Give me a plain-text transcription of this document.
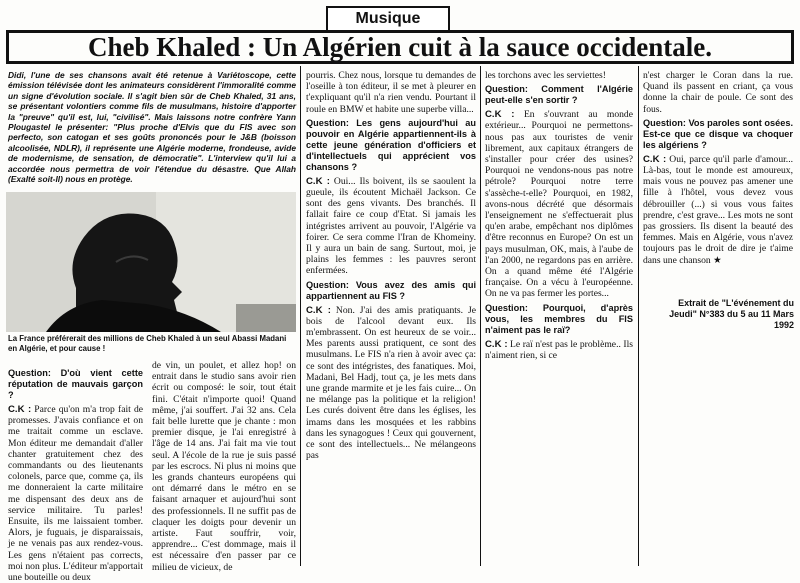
Musique
Cheb Khaled : Un Algérien cuit à la sauce occidentale.
Didi, l'une de ses chansons avait été retenue à Variétoscope, cette émission télévisée dont les animateurs considèrent l'immoralité comme un signe d'évolution sociale. Il s'agit bien sûr de Cheb Khaled, 31 ans, se présentant volontiers comme fils de musulmans, histoire d'apporter la "preuve" qu'il est, lui, "civilisé". Mais laissons notre confrère Yann Plougastel le présenter: "Plus proche d'Elvis que du FIS avec son perfecto, son catogan et ses goûts prononcés pour le J&B (boisson alcoolisée, NDLR), il représente une Algérie moderne, frondeuse, avide de modernisme, de sensation, de démocratie". L'interview qu'il lui a accordée nous permettra de voir l'étendue du désastre. Que Allah (Exalté soit-Il) nous en protège.
La France préférerait des millions de Cheb Khaled à un seul Abassi Madani en Algérie, et pour cause !

Question: D'où vient cette réputation de mauvais garçon ?

C.K : Parce qu'on m'a trop fait de promesses. J'avais confiance et on me traitait comme un esclave. Mon éditeur me demandait d'aller chanter gratuitement chez des commandants ou des lieutenants colonels, parce que, comme ça, ils me donneraient la carte militaire me dispensant des deux ans de service militaire. Tu parles! Ensuite, ils me laissaient tomber. Alors, je fuguais, je disparaissais, je ne venais pas aux rendez-vous. Les gens n'étaient pas corrects, moi non plus. L'éditeur m'apportait une bouteille ou deux

de vin, un poulet, et allez hop! on entrait dans le studio sans avoir rien écrit ou composé: le soir, tout était fini. C'était n'importe quoi! Quand même, j'ai souffert. J'ai 32 ans. Cela fait belle lurette que je chante : mon premier disque, je l'ai enregistré à l'âge de 14 ans. J'ai fait ma vie tout seul. A l'école de la rue je suis passé par les escrocs. Ni plus ni moins que les grands chanteurs européens qui ont démarré dans le métro en se faisant arnaquer et aujourd'hui sont des professionnels. Il ne suffit pas de claquer les doigts pour devenir un artiste. Faut souffrir, voir, apprendre... C'est dommage, mais il est nécessaire d'en passer par ce milieu de vicieux, de

pourris. Chez nous, lorsque tu demandes de l'oseille à ton éditeur, il se met à pleurer en t'expliquant qu'il n'a rien vendu. Pourtant il roule en BMW et habite une superbe villa...

Question: Les gens aujourd'hui au pouvoir en Algérie appartiennent-ils à cette jeune génération d'officiers et d'intellectuels qui apprécient vos chansons ?

C.K : Oui... Ils boivent, ils se saoulent la gueule, ils écoutent Michaël Jackson. Ce sont des gens vivants. Des branchés. Il fallait faire ce coup d'Etat. Si jamais les intégristes arrivent au pouvoir, l'Algérie va foirer. Ce sera comme l'Iran de Khomeiny. Il y aura un bain de sang. Surtout, moi, je plains les femmes : les pauvres seront enfermées.

Question: Vous avez des amis qui appartiennent au FIS ?

C.K : Non. J'ai des amis pratiquants. Je bois de l'alcool devant eux. Ils m'embrassent. On est heureux de se voir... Mes parents aussi pratiquent, ce sont des musulmans. Le FIS n'a rien à avoir avec ça: ce sont des intégristes, des fanatiques. Moi, Madani, Bel Hadj, tout ça, je les mets dans une grande marmite et je les fais cuire... On ne mélange pas la politique et la religion! Les curés doivent être dans les églises, les imams dans les mosquées et les rabbins dans les synagogues ! Ceux qui gouvernent, ce sont des intellectuels... Ne mélangeons pas

les torchons avec les serviettes!

Question: Comment l'Algérie peut-elle s'en sortir ?

C.K : En s'ouvrant au monde extérieur... Pourquoi ne permettons-nous pas aux touristes de venir librement, aux capitaux étrangers de s'installer pour créer des usines? Pourquoi ne vendons-nous pas notre pétrole? Pourquoi notre terre s'assèche-t-elle? Pourquoi, en 1982, avons-nous décrété que désormais l'enseignement ne s'effectuerait plus qu'en arabe, empêchant nos diplômes d'être reconnus en Europe? On est un pays musulman, OK, mais, à l'aube de l'an 2000, ne regardons pas en arrière. On a quand même été l'Algérie française. On a vécu à l'européenne. On ne va pas fermer les portes...

Question: Pourquoi, d'après vous, les membres du FIS n'aiment pas le raï?

C.K : Le raï n'est pas le problème.. Ils n'aiment rien, si ce

n'est charger le Coran dans la rue. Quand ils passent en criant, ça vous donne la chair de poule. Ce sont des fous.

Question: Vos paroles sont osées. Est-ce que ce disque va choquer les algériens ?

C.K : Oui, parce qu'il parle d'amour... Là-bas, tout le monde est amoureux, mais vous ne pouvez pas amener une fille à l'hôtel, vous devez vous débrouiller (...) si vous vous faites prendre, c'est grave... Les mots ne sont pas grossiers. Ils disent la beauté des femmes. Mais en Algérie, vous n'avez toujours pas le droit de dire je t'aime dans une chanson ★

Extrait de "L'événement du Jeudi" N°383 du 5 au 11 Mars 1992
